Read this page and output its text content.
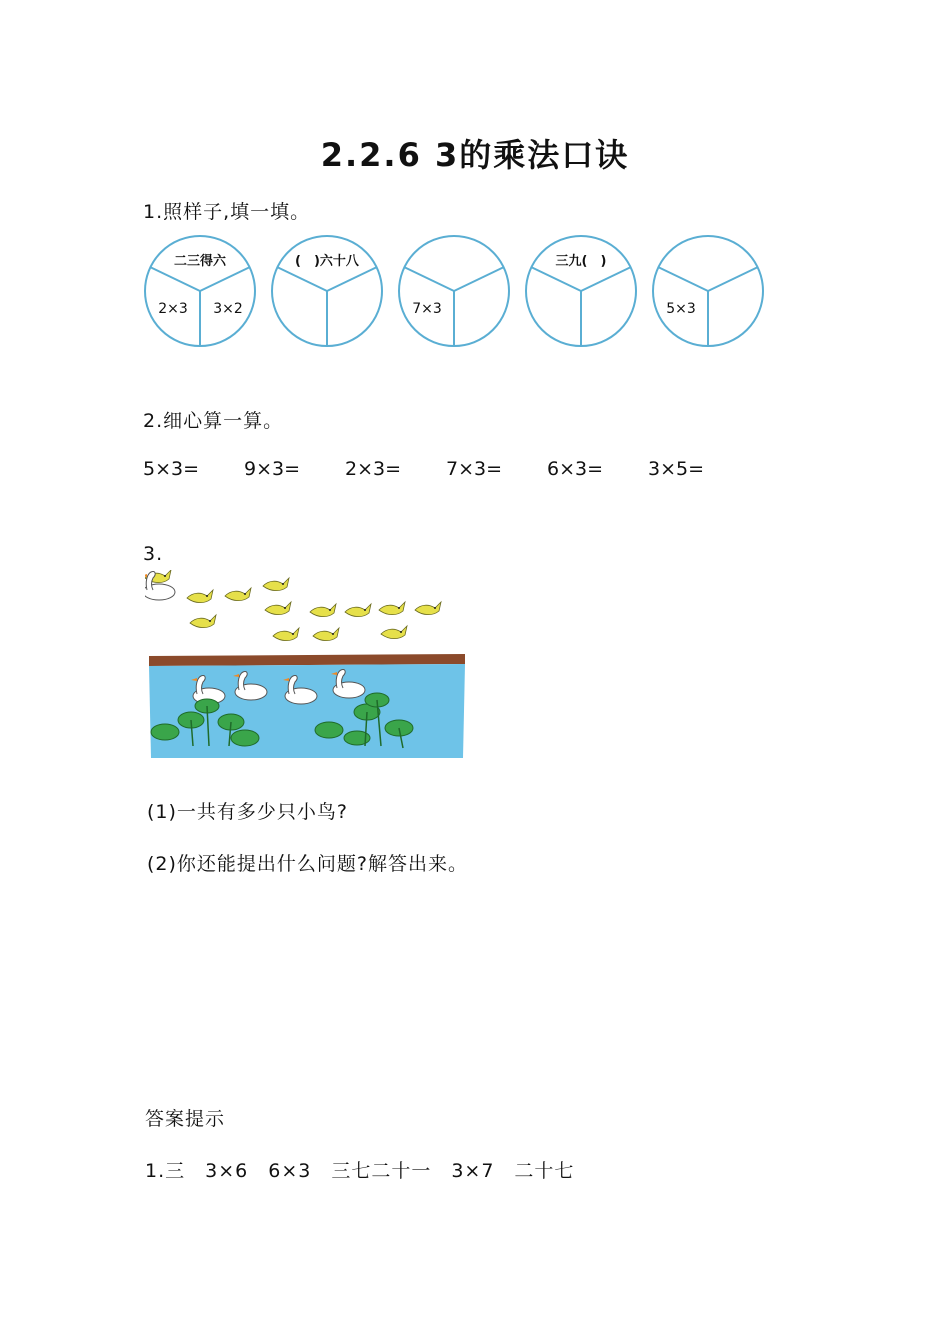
2.2.6 3的乘法口诀
1.照样子,填一填。
二三得六
2×3 3×2
(　)六十八
7×3
三九(　)
5×3
2.细心算一算。
5×3= 9×3= 2×3= 7×3= 6×3= 3×5=
3.
(1)一共有多少只小鸟?
(2)你还能提出什么问题?解答出来。
答案提示
1.三　3×6　6×3　三七二十一　3×7　二十七
